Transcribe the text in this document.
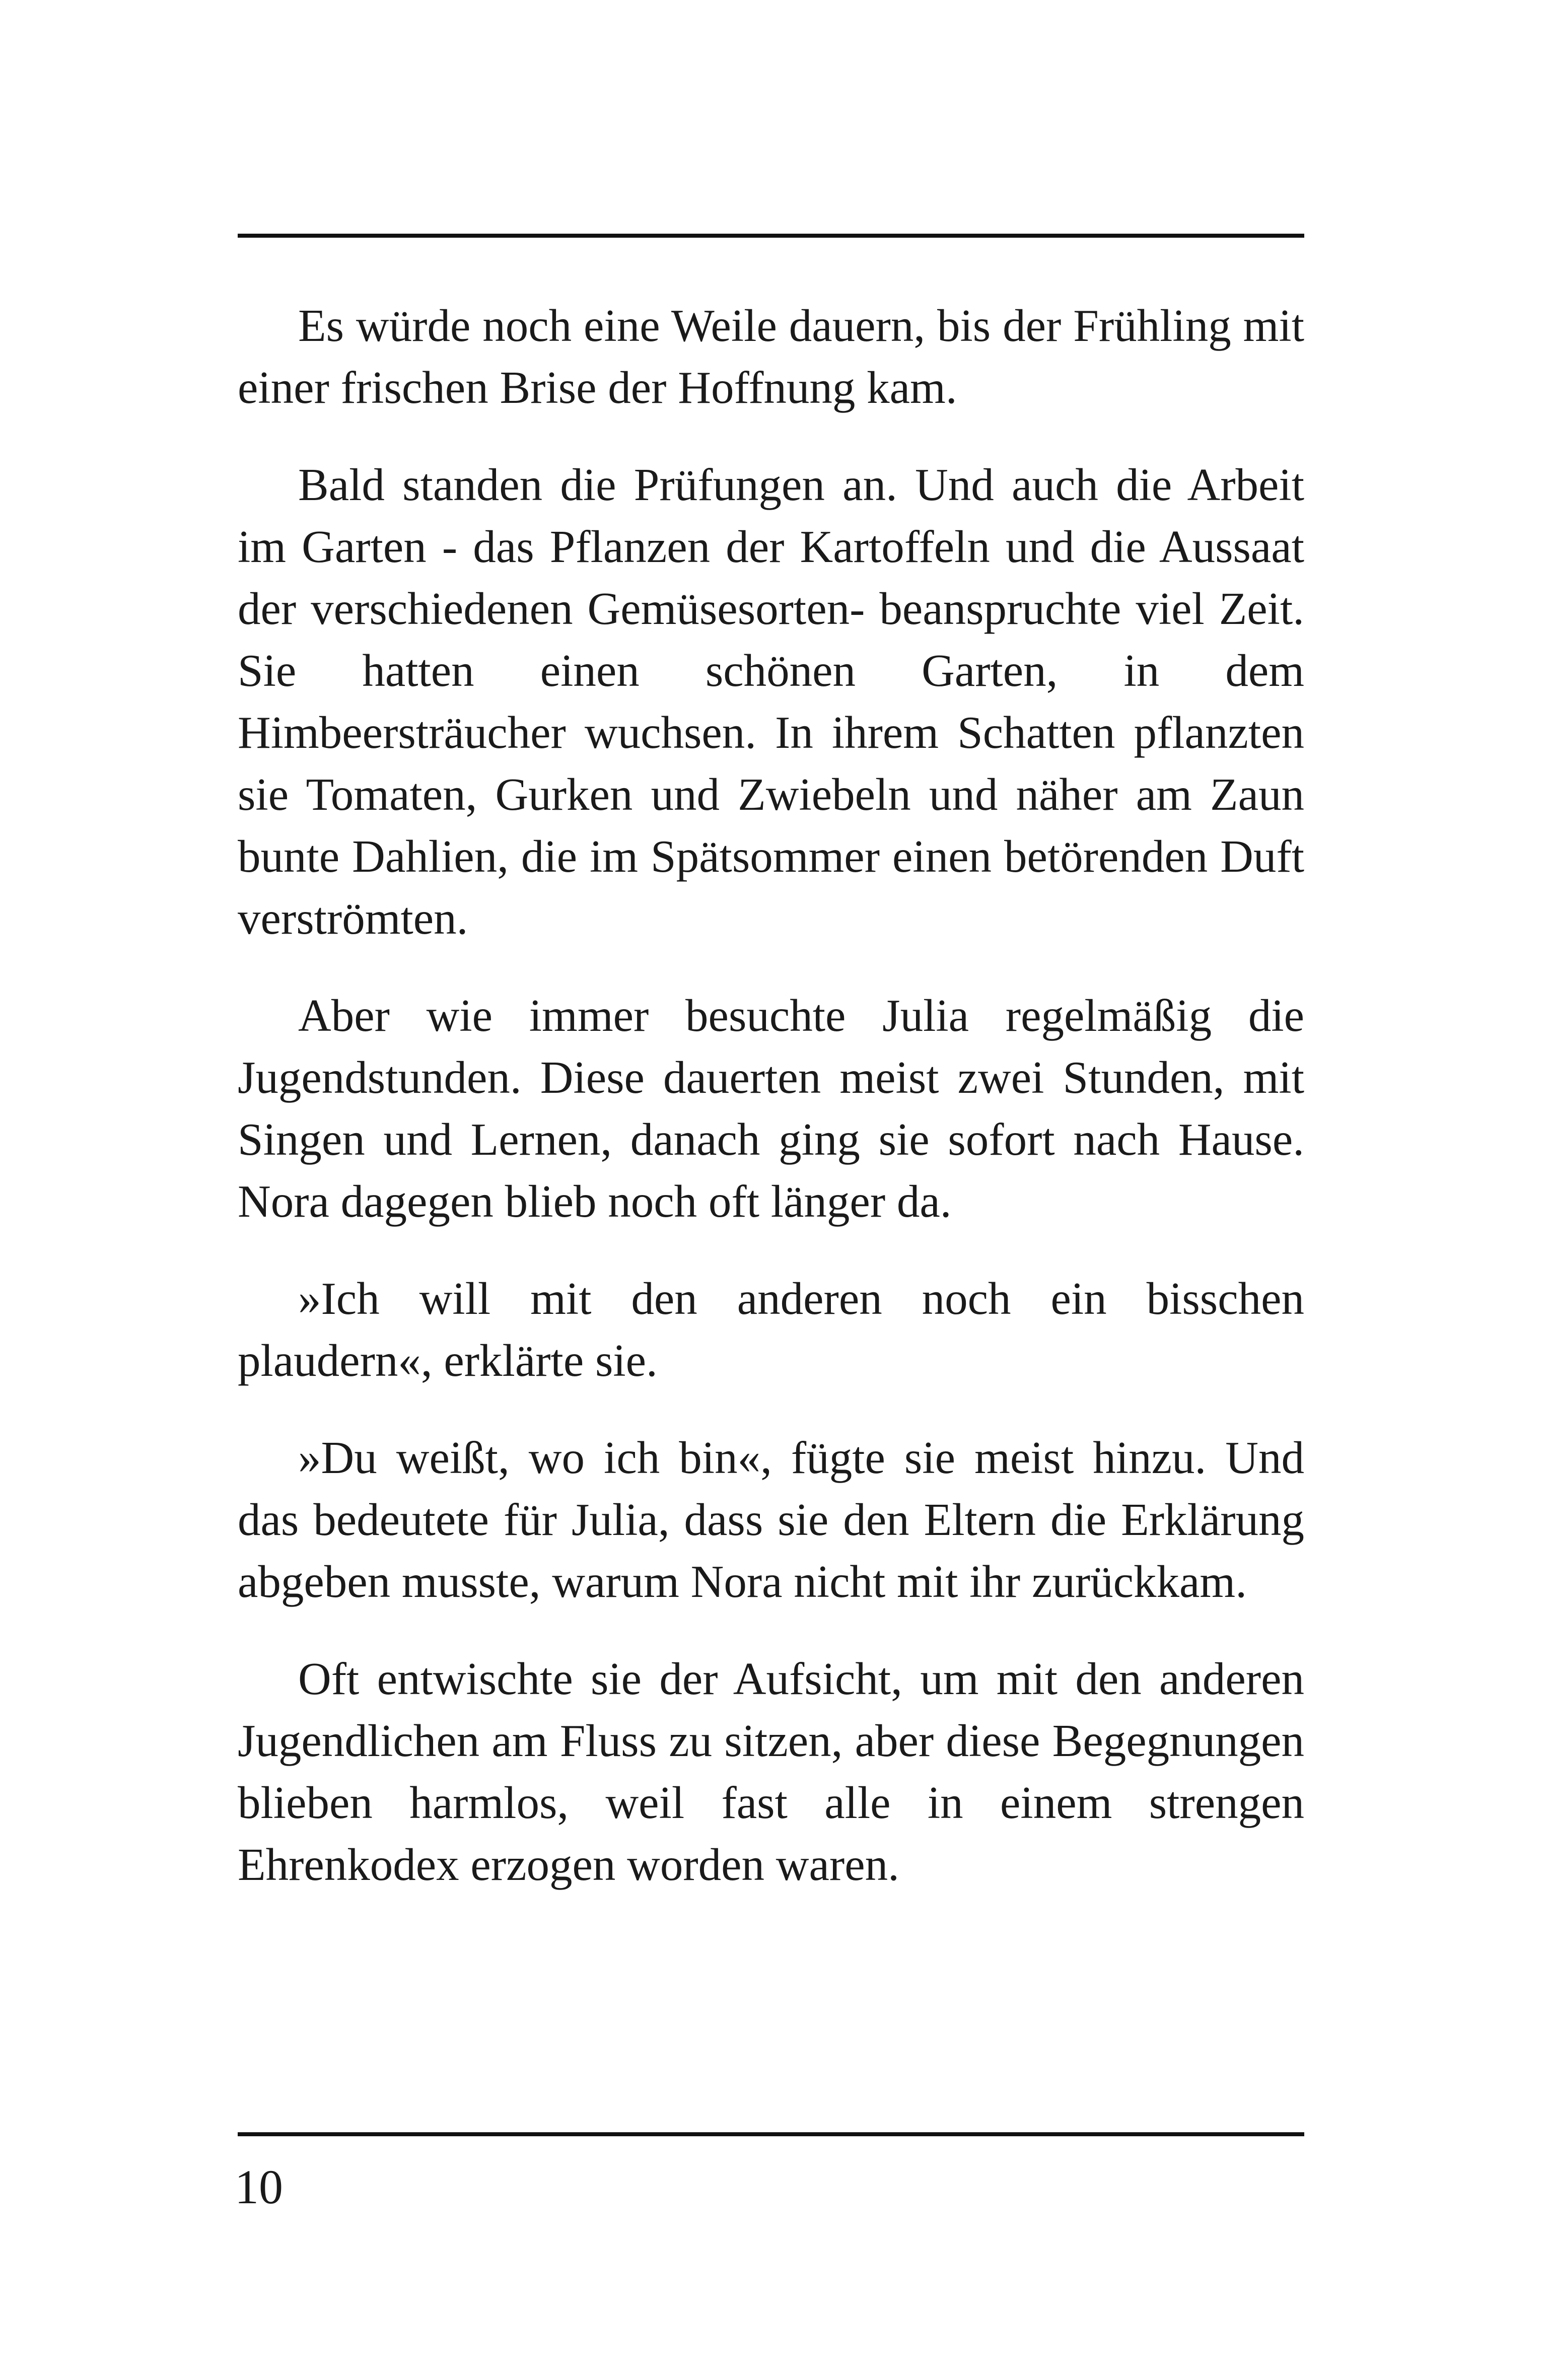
Es würde noch eine Weile dauern, bis der Frühling mit einer frischen Brise der Hoffnung kam.

Bald standen die Prüfungen an. Und auch die Arbeit im Garten - das Pflanzen der Kartoffeln und die Aussaat der verschiedenen Gemüsesorten- beanspruchte viel Zeit. Sie hatten einen schönen Garten, in dem Himbeersträucher wuchsen. In ihrem Schatten pflanzten sie Tomaten, Gurken und Zwiebeln und näher am Zaun bunte Dahlien, die im Spätsommer einen betörenden Duft verströmten.

Aber wie immer besuchte Julia regelmäßig die Jugendstunden. Diese dauerten meist zwei Stunden, mit Singen und Lernen, danach ging sie sofort nach Hause. Nora dagegen blieb noch oft länger da.

»Ich will mit den anderen noch ein bisschen plaudern«, erklärte sie.

»Du weißt, wo ich bin«, fügte sie meist hinzu. Und das bedeutete für Julia, dass sie den Eltern die Erklärung abgeben musste, warum Nora nicht mit ihr zurückkam.

Oft entwischte sie der Aufsicht, um mit den anderen Jugendlichen am Fluss zu sitzen, aber diese Begegnungen blieben harmlos, weil fast alle in einem strengen Ehrenkodex erzogen worden waren.

10
